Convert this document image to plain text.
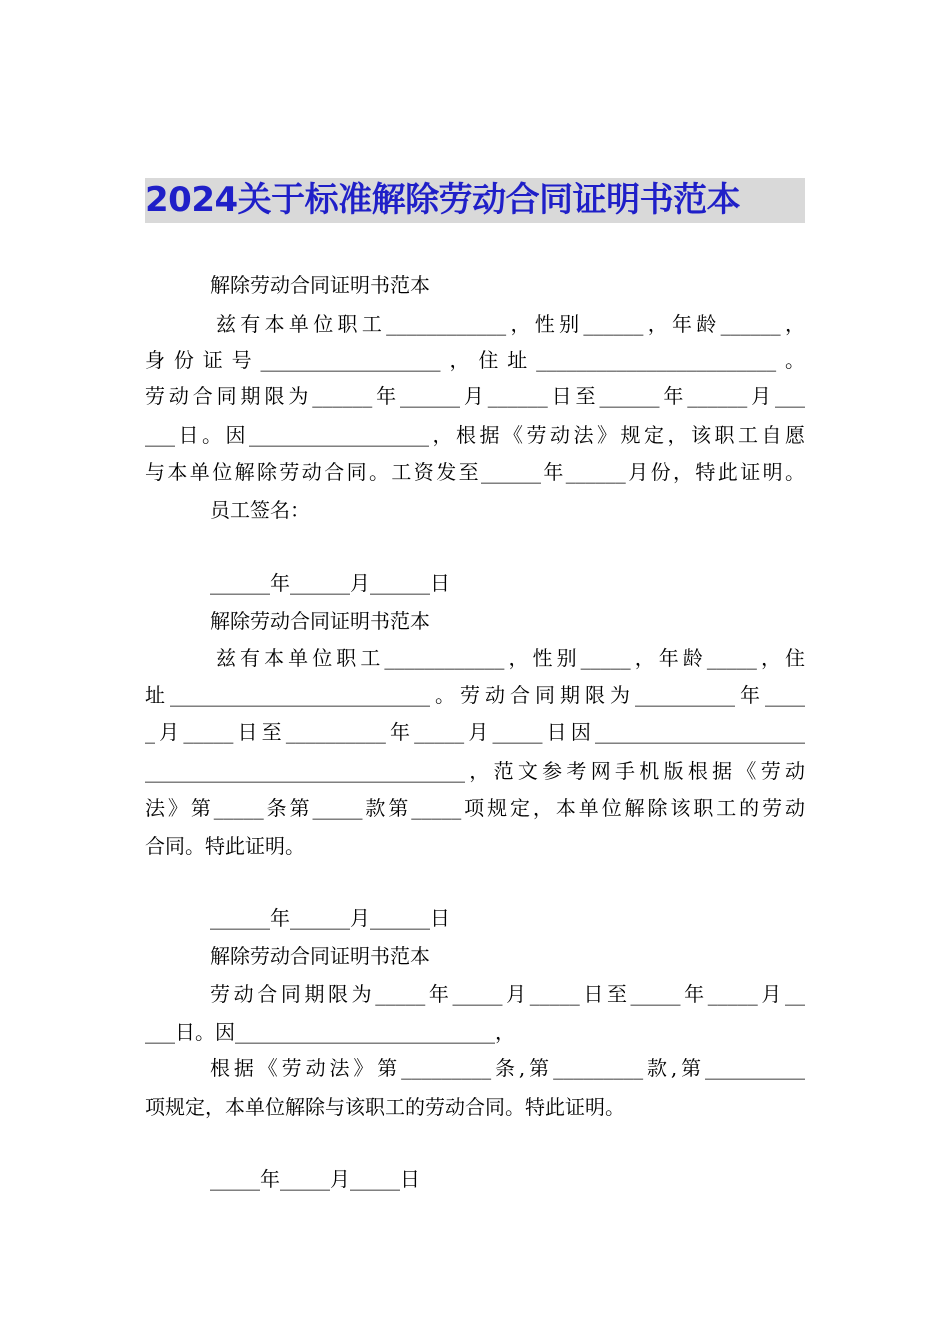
2024关于标准解除劳动合同证明书范本
解除劳动合同证明书范本
兹有本单位职工____________，性别______，年龄______，
身份证号__________________，住址________________________。
劳动合同期限为______年______月______日至______年______月___
___日。因__________________，根据《劳动法》规定，该职工自愿
与本单位解除劳动合同。工资发至______年______月份，特此证明。
员工签名：
______年______月______日
解除劳动合同证明书范本
兹有本单位职工____________，性别_____，年龄_____，住
址__________________________。劳动合同期限为__________年____
_月_____日至__________年_____月_____日因_____________________
________________________________，范文参考网手机版根据《劳动
法》第_____条第_____款第_____项规定，本单位解除该职工的劳动
合同。特此证明。
______年______月______日
解除劳动合同证明书范本
劳动合同期限为_____年_____月_____日至_____年_____月__
___日。因__________________________，
根据《劳动法》第_________条,第_________款,第__________
项规定，本单位解除与该职工的劳动合同。特此证明。
_____年_____月_____日
